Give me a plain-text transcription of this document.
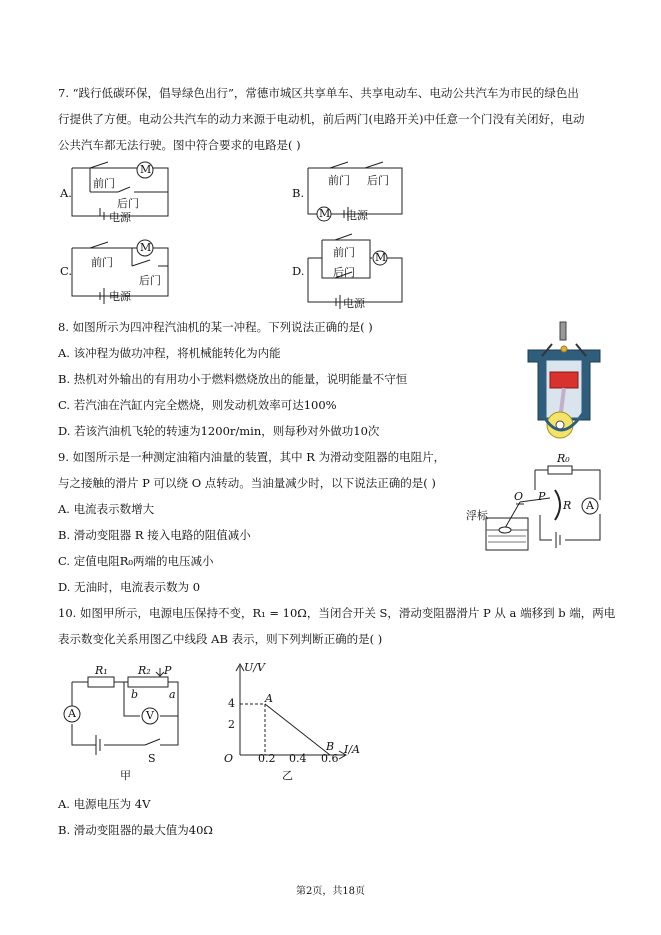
7. “践行低碳环保，倡导绿色出行”，常德市城区共享单车、共享电动车、电动公共汽车为市民的绿色出
行提供了方便。电动公共汽车的动力来源于电动机，前后两门(电路开关)中任意一个门没有关闭好，电动
公共汽车都无法行驶。图中符合要求的电路是( )
A.
M
前门
后门
电源
B.
前门 后门
M 电源
C.
M
前门
后门
电源
D.
前门
后门
M
电源
8. 如图所示为四冲程汽油机的某一冲程。下列说法正确的是( )
A. 该冲程为做功冲程，将机械能转化为内能
B. 热机对外输出的有用功小于燃料燃烧放出的能量，说明能量不守恒
C. 若汽油在汽缸内完全燃烧，则发动机效率可达100%
D. 若该汽油机飞轮的转速为1200r/min，则每秒对外做功10次
9. 如图所示是一种测定油箱内油量的装置，其中 R 为滑动变阻器的电阻片，
与之接触的滑片 P 可以绕 O 点转动。当油量减少时，以下说法正确的是( )
A. 电流表示数增大
B. 滑动变阻器 R 接入电路的阻值减小
C. 定值电阻R₀两端的电压减小
D. 无油时，电流表示数为 0
R₀
O P
R A
浮标
10. 如图甲所示，电源电压保持不变，R₁ = 10Ω，当闭合开关 S，滑动变阻器滑片 P 从 a 端移到 b 端，两电
表示数变化关系用图乙中线段 AB 表示，则下列判断正确的是( )
R₁	R₂ P
b	a
A	V
S
甲
U/V
4
2
A
B
O 0.2 0.4 0.6
I/A
乙
A. 电源电压为 4V
B. 滑动变阻器的最大值为40Ω
第2页，共18页
